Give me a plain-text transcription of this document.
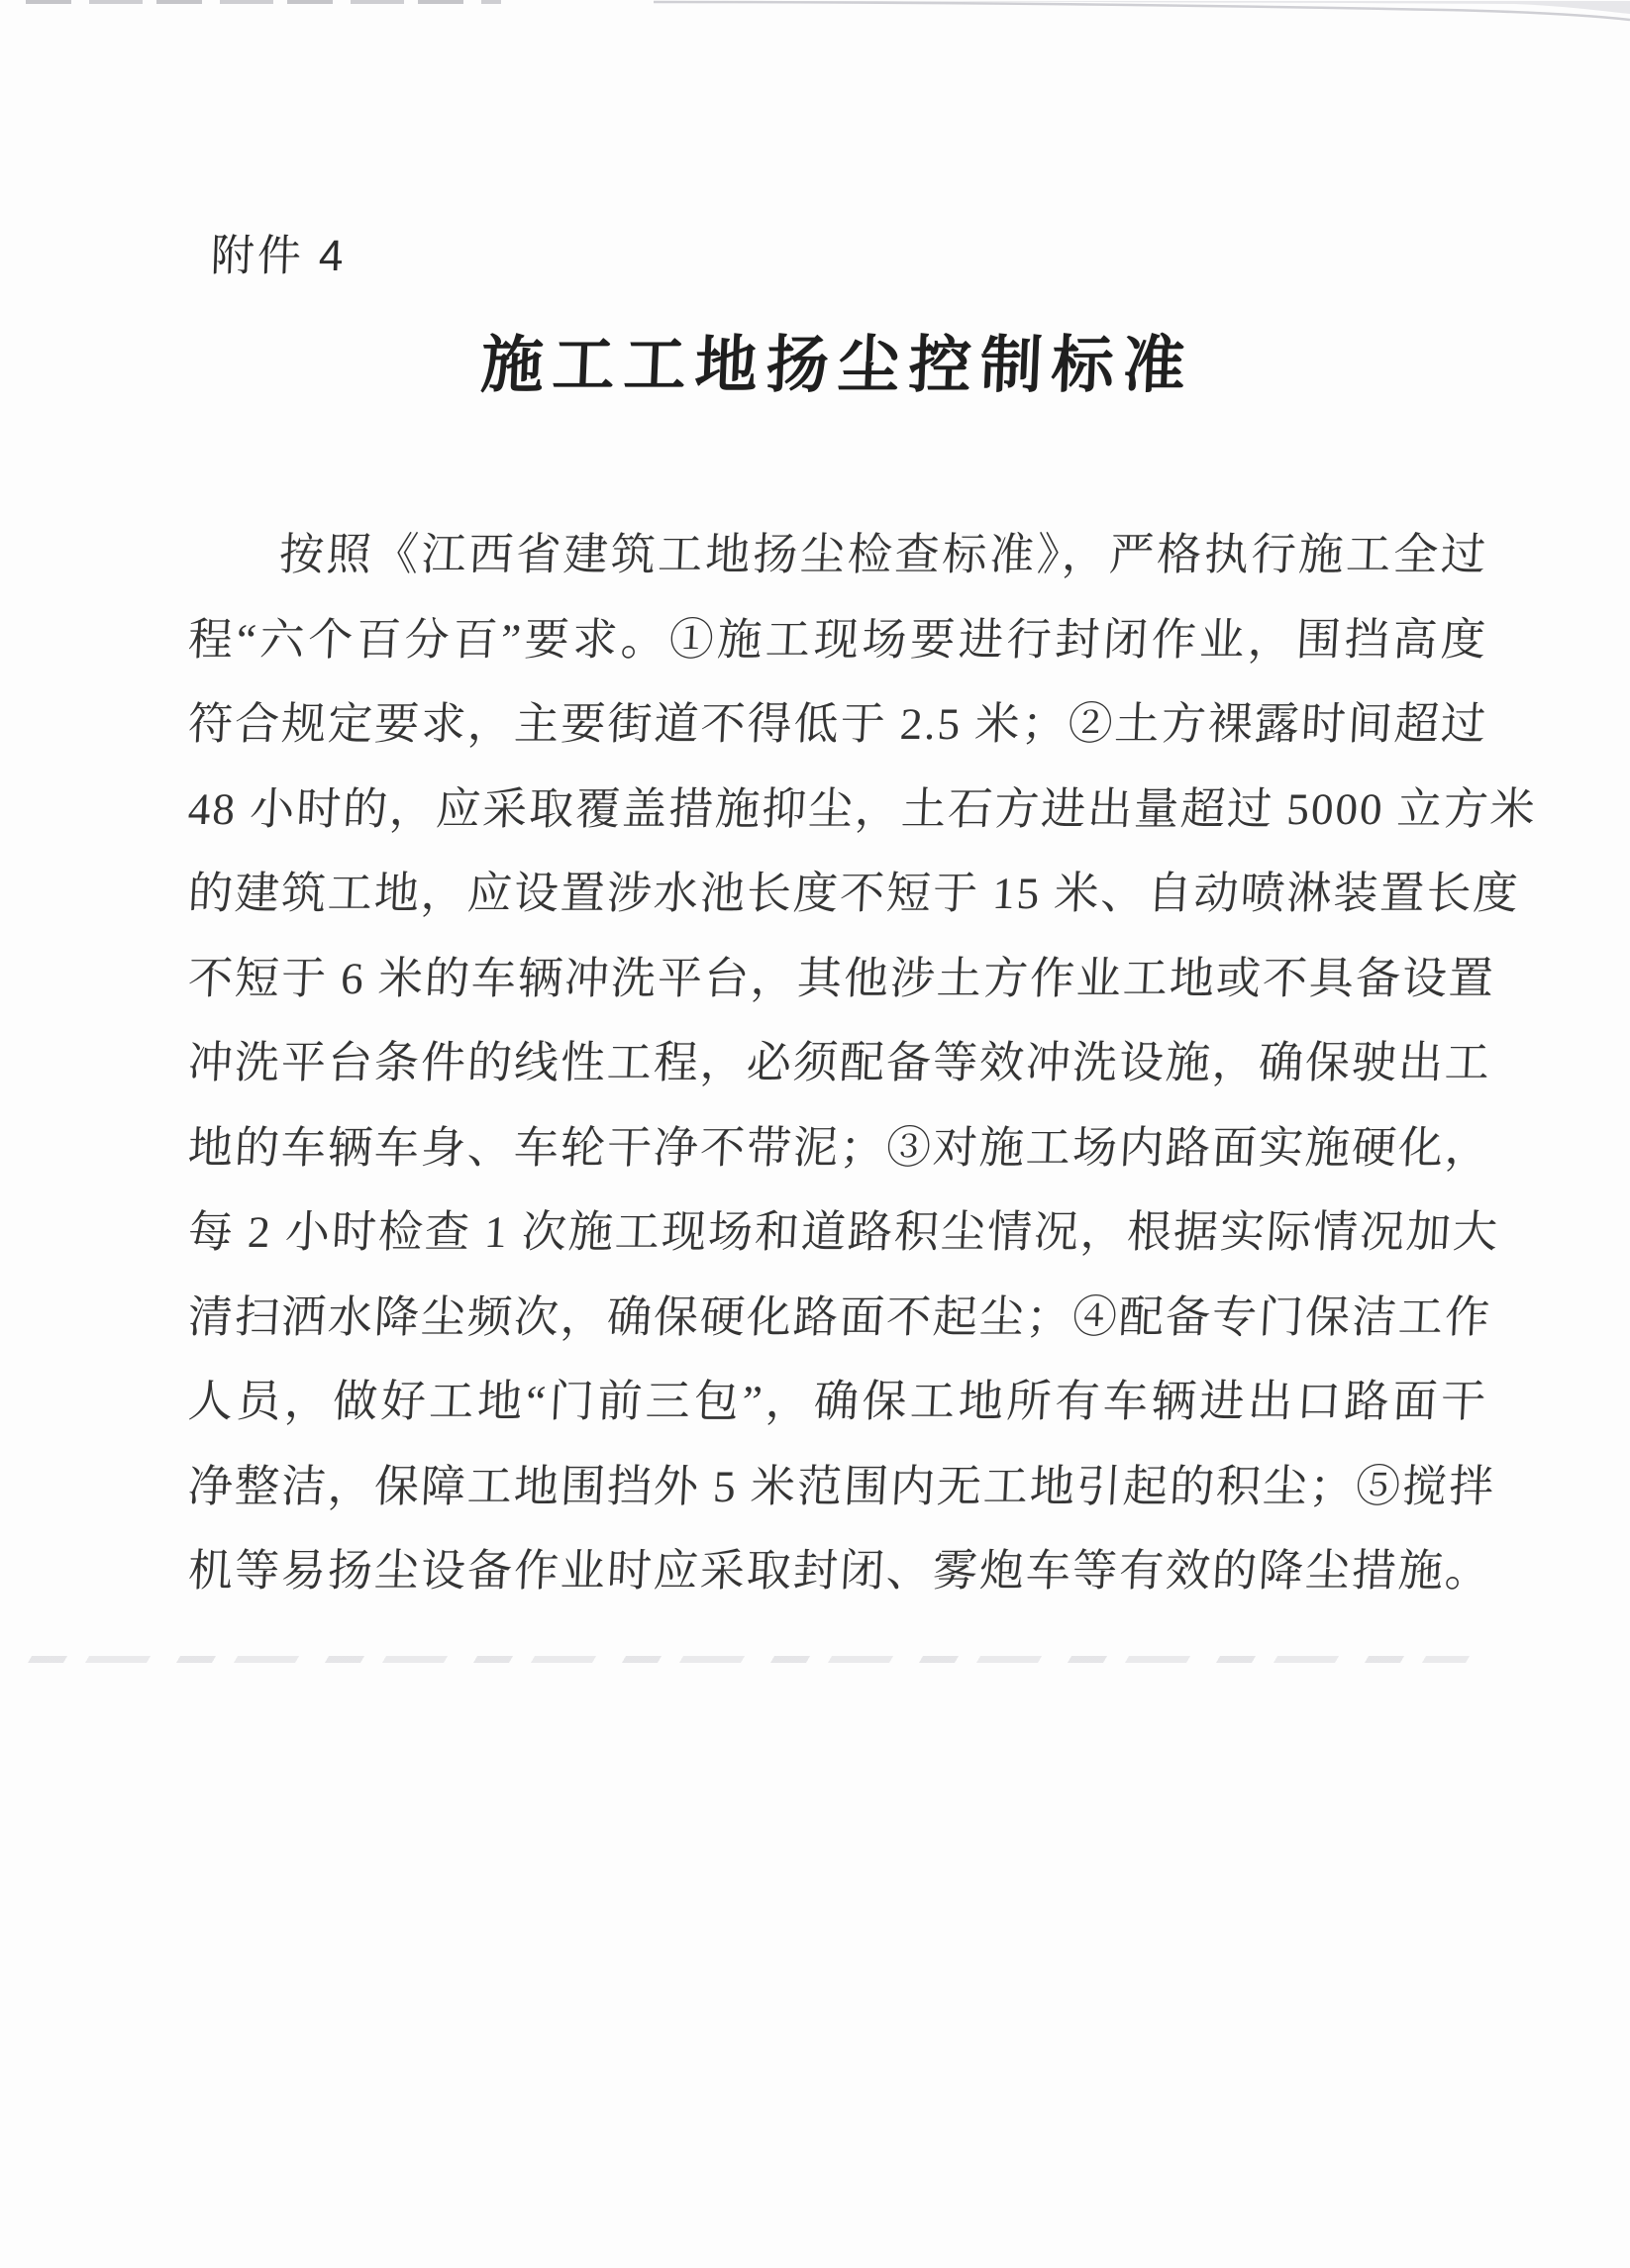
附件 4
施工工地扬尘控制标准
按照《江西省建筑工地扬尘检查标准》，严格执行施工全过
程“六个百分百”要求。①施工现场要进行封闭作业，围挡高度
符合规定要求，主要街道不得低于 2.5 米；②土方裸露时间超过
48 小时的，应采取覆盖措施抑尘，土石方进出量超过 5000 立方米
的建筑工地，应设置涉水池长度不短于 15 米、自动喷淋装置长度
不短于 6 米的车辆冲洗平台，其他涉土方作业工地或不具备设置
冲洗平台条件的线性工程，必须配备等效冲洗设施，确保驶出工
地的车辆车身、车轮干净不带泥；③对施工场内路面实施硬化，
每 2 小时检查 1 次施工现场和道路积尘情况，根据实际情况加大
清扫洒水降尘频次，确保硬化路面不起尘；④配备专门保洁工作
人员，做好工地“门前三包”，确保工地所有车辆进出口路面干
净整洁，保障工地围挡外 5 米范围内无工地引起的积尘；⑤搅拌
机等易扬尘设备作业时应采取封闭、雾炮车等有效的降尘措施。
